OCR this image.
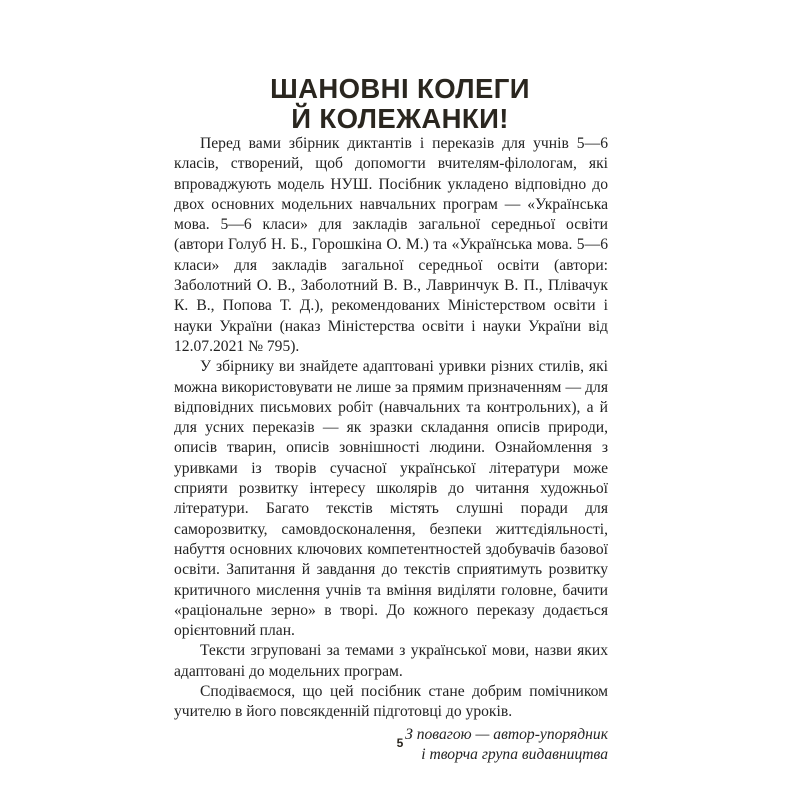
ШАНОВНІ КОЛЕГИ
Й КОЛЕЖАНКИ!

Перед вами збірник диктантів і переказів для учнів 5—6 класів, створений, щоб допомогти вчителям-філологам, які впроваджують модель НУШ. Посібник укладено відповідно до двох основних модельних навчальних програм — «Українська мова. 5—6 класи» для закладів загальної середньої освіти (автори Голуб Н. Б., Горошкіна О. М.) та «Українська мова. 5—6 класи» для закладів загальної середньої освіти (автори: Заболотний О. В., Заболотний В. В., Лавринчук В. П., Плівачук К. В., Попова Т. Д.), рекомендованих Міністерством освіти і науки України (наказ Міністерства освіти і науки України від 12.07.2021 № 795).

У збірнику ви знайдете адаптовані уривки різних стилів, які можна використовувати не лише за прямим призначенням — для відповідних письмових робіт (навчальних та контрольних), а й для усних переказів — як зразки складання описів природи, описів тварин, описів зовнішності людини. Ознайомлення з уривками із творів сучасної української літератури може сприяти розвитку інтересу школярів до читання художньої літератури. Багато текстів містять слушні поради для саморозвитку, самовдосконалення, безпеки життєдіяльності, набуття основних ключових компетентностей здобувачів базової освіти. Запитання й завдання до текстів сприятимуть розвитку критичного мислення учнів та вміння виділяти головне, бачити «раціональне зерно» в творі. До кожного переказу додається орієнтовний план.

Тексти згруповані за темами з української мови, назви яких адаптовані до модельних програм.

Сподіваємося, що цей посібник стане добрим помічником учителю в його повсякденній підготовці до уроків.

З повагою — автор-упорядник
і творча група видавництва
5
